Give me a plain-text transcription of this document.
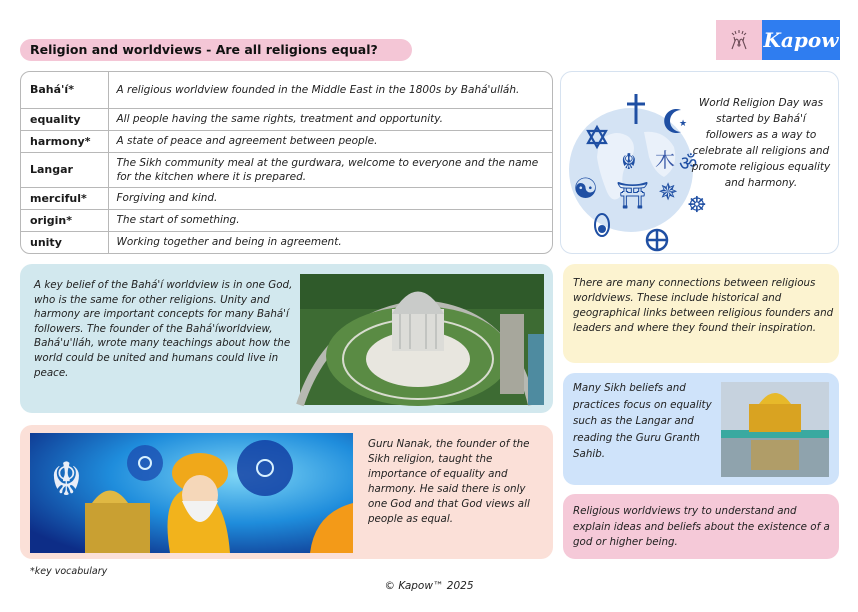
Religion and worldviews - Are all religions equal?	Kapow
Bahá'í*	A religious worldview founded in the Middle East in the 1800s by Bahá'ulláh.
equality	All people having the same rights, treatment and opportunity.
harmony*	A state of peace and agreement between people.
Langar	The Sikh community meal at the gurdwara, welcome to everyone and the name for the kitchen where it is prepared.
merciful*	Forgiving and kind.
origin*	The start of something.
unity	Working together and being in agreement.
★
☬ 木 ॐ
☯ ⛩ ✵ ☸
World Religion Day was started by Bahá'í followers as a way to celebrate all religions and promote religious equality and harmony.
A key belief of the Bahá'í worldview is in one God, who is the same for other religions. Unity and harmony are important concepts for many Bahá'í followers. The founder of the Bahá'íworldview, Bahá'u'lláh, wrote many teachings about how the world could be united and humans could live in peace.
☬
Guru Nanak, the founder of the Sikh religion, taught the importance of equality and harmony. He said there is only one God and that God views all people as equal.
There are many connections between religious worldviews. These include historical and geographical links between religious founders and leaders and where they found their inspiration.
Many Sikh beliefs and practices focus on equality such as the Langar and reading the Guru Granth Sahib.
Religious worldviews try to understand and explain ideas and beliefs about the existence of a god or higher being.
*key vocabulary
© Kapow™ 2025
